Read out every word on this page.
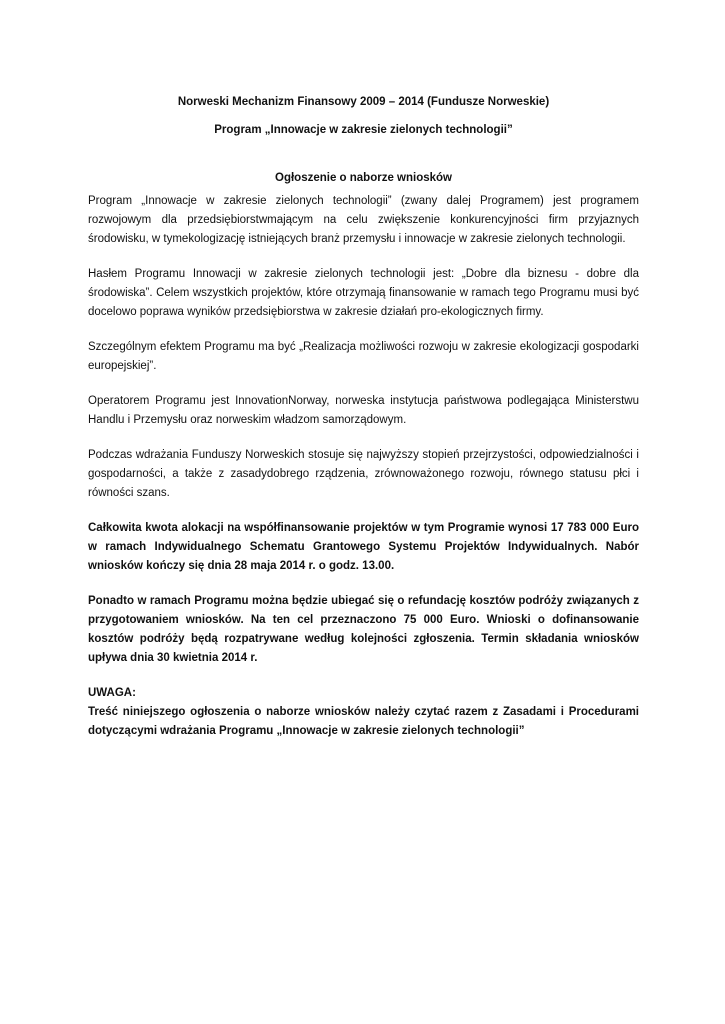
Norweski Mechanizm Finansowy 2009 – 2014 (Fundusze Norweskie)
Program „Innowacje w zakresie zielonych technologii”
Ogłoszenie o naborze wniosków

Program „Innowacje w zakresie zielonych technologii” (zwany dalej Programem) jest programem rozwojowym dla przedsiębiorstwmającym na celu zwiększenie konkurencyjności firm przyjaznych środowisku, w tymekologizację istniejących branż przemysłu i innowacje w zakresie zielonych technologii.

Hasłem Programu Innowacji w zakresie zielonych technologii jest: „Dobre dla biznesu - dobre dla środowiska”. Celem wszystkich projektów, które otrzymają finansowanie w ramach tego Programu musi być docelowo poprawa wyników przedsiębiorstwa w zakresie działań pro-ekologicznych firmy.

Szczególnym efektem Programu ma być „Realizacja możliwości rozwoju w zakresie ekologizacji gospodarki europejskiej”.

Operatorem Programu jest InnovationNorway, norweska instytucja państwowa podlegająca Ministerstwu Handlu i Przemysłu oraz norweskim władzom samorządowym.

Podczas wdrażania Funduszy Norweskich stosuje się najwyższy stopień przejrzystości, odpowiedzialności i gospodarności, a także z zasadydobrego rządzenia, zrównoważonego rozwoju, równego statusu płci i równości szans.

Całkowita kwota alokacji na współfinansowanie projektów w tym Programie wynosi 17 783 000 Euro w ramach Indywidualnego Schematu Grantowego Systemu Projektów Indywidualnych. Nabór wniosków kończy się dnia 28 maja 2014 r. o godz. 13.00.

Ponadto w ramach Programu można będzie ubiegać się o refundację kosztów podróży związanych z przygotowaniem wniosków. Na ten cel przeznaczono 75 000 Euro. Wnioski o dofinansowanie kosztów podróży będą rozpatrywane według kolejności zgłoszenia. Termin składania wniosków upływa dnia 30 kwietnia 2014 r.

UWAGA:

Treść niniejszego ogłoszenia o naborze wniosków należy czytać razem z Zasadami i Procedurami dotyczącymi wdrażania Programu „Innowacje w zakresie zielonych technologii”
